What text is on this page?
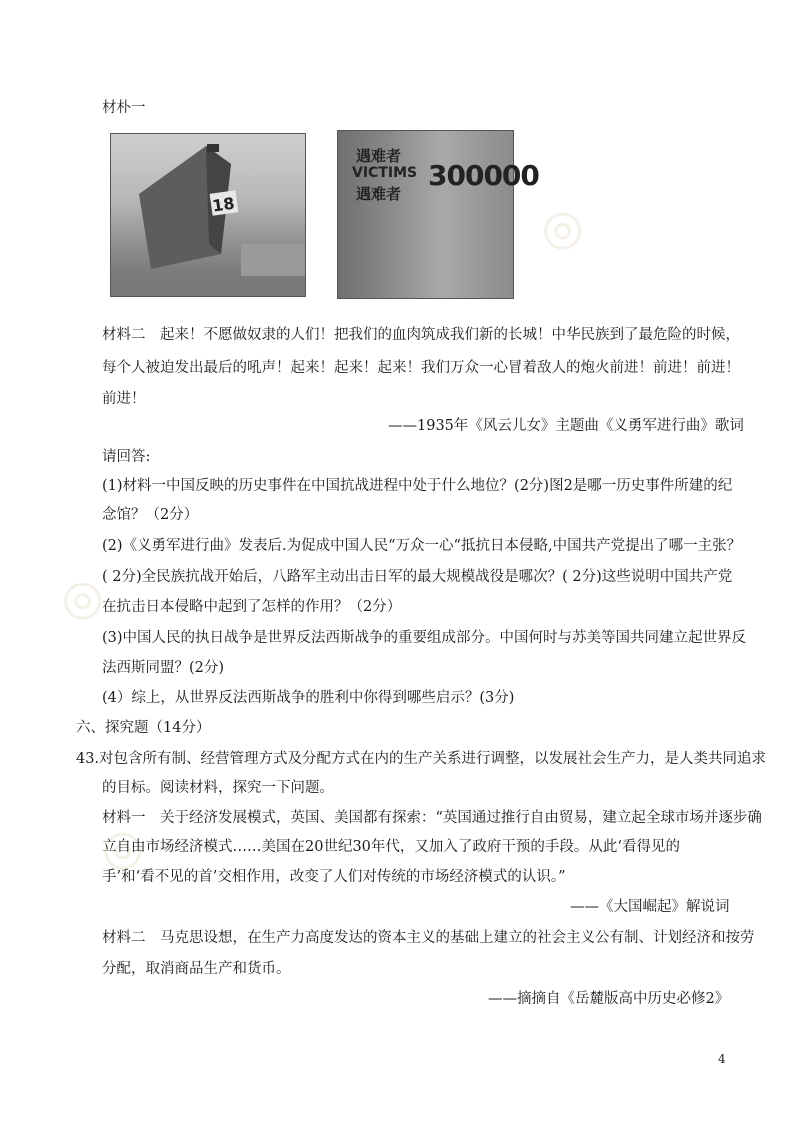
◎
◎
◎
材朴一
18
遇难者
VICTIMS
遇难者
300000
材料二　起来！不愿做奴隶的人们！把我们的血肉筑成我们新的长城！中华民族到了最危险的时候，
每个人被迫发出最后的吼声！起来！起来！起来！我们万众一心冒着敌人的炮火前进！前进！前进！
前进！
——1935年《风云儿女》主题曲《义勇军进行曲》歌词
请回答:
(1)材料一中国反映的历史事件在中国抗战进程中处于什么地位？(2分)图2是哪一历史事件所建的纪
念馆？（2分）
(2)《义勇军进行曲》发表后.为促成中国人民“万众一心“抵抗日本侵略,中国共产党提出了哪一主张？
( 2分)全民族抗战开始后，八路军主动出击日军的最大规模战役是哪次？( 2分)这些说明中国共产党
在抗击日本侵略中起到了怎样的作用？（2分）
(3)中国人民的执日战争是世界反法西斯战争的重要组成部分。中国何时与苏美等国共同建立起世界反
法西斯同盟？(2分)
(4）综上，从世界反法西斯战争的胜利中你得到哪些启示？(3分)
六、探究题（14分）
43.对包含所有制、经营管理方式及分配方式在内的生产关系进行调整，以发展社会生产力，是人类共同追求
的目标。阅读材料，探究一下问题。
材料一　关于经济发展模式，英国、美国都有探索：“英国通过推行自由贸易，建立起全球市场并逐步确
立自由市场经济模式……美国在20世纪30年代，又加入了政府干预的手段。从此‘看得见的
手’和‘看不见的首’交相作用，改变了人们对传统的市场经济模式的认识。”
——《大国崛起》解说词
材料二　马克思设想，在生产力高度发达的资本主义的基础上建立的社会主义公有制、计划经济和按劳
分配，取消商品生产和货币。
——摘摘自《岳麓版高中历史必修2》
4
